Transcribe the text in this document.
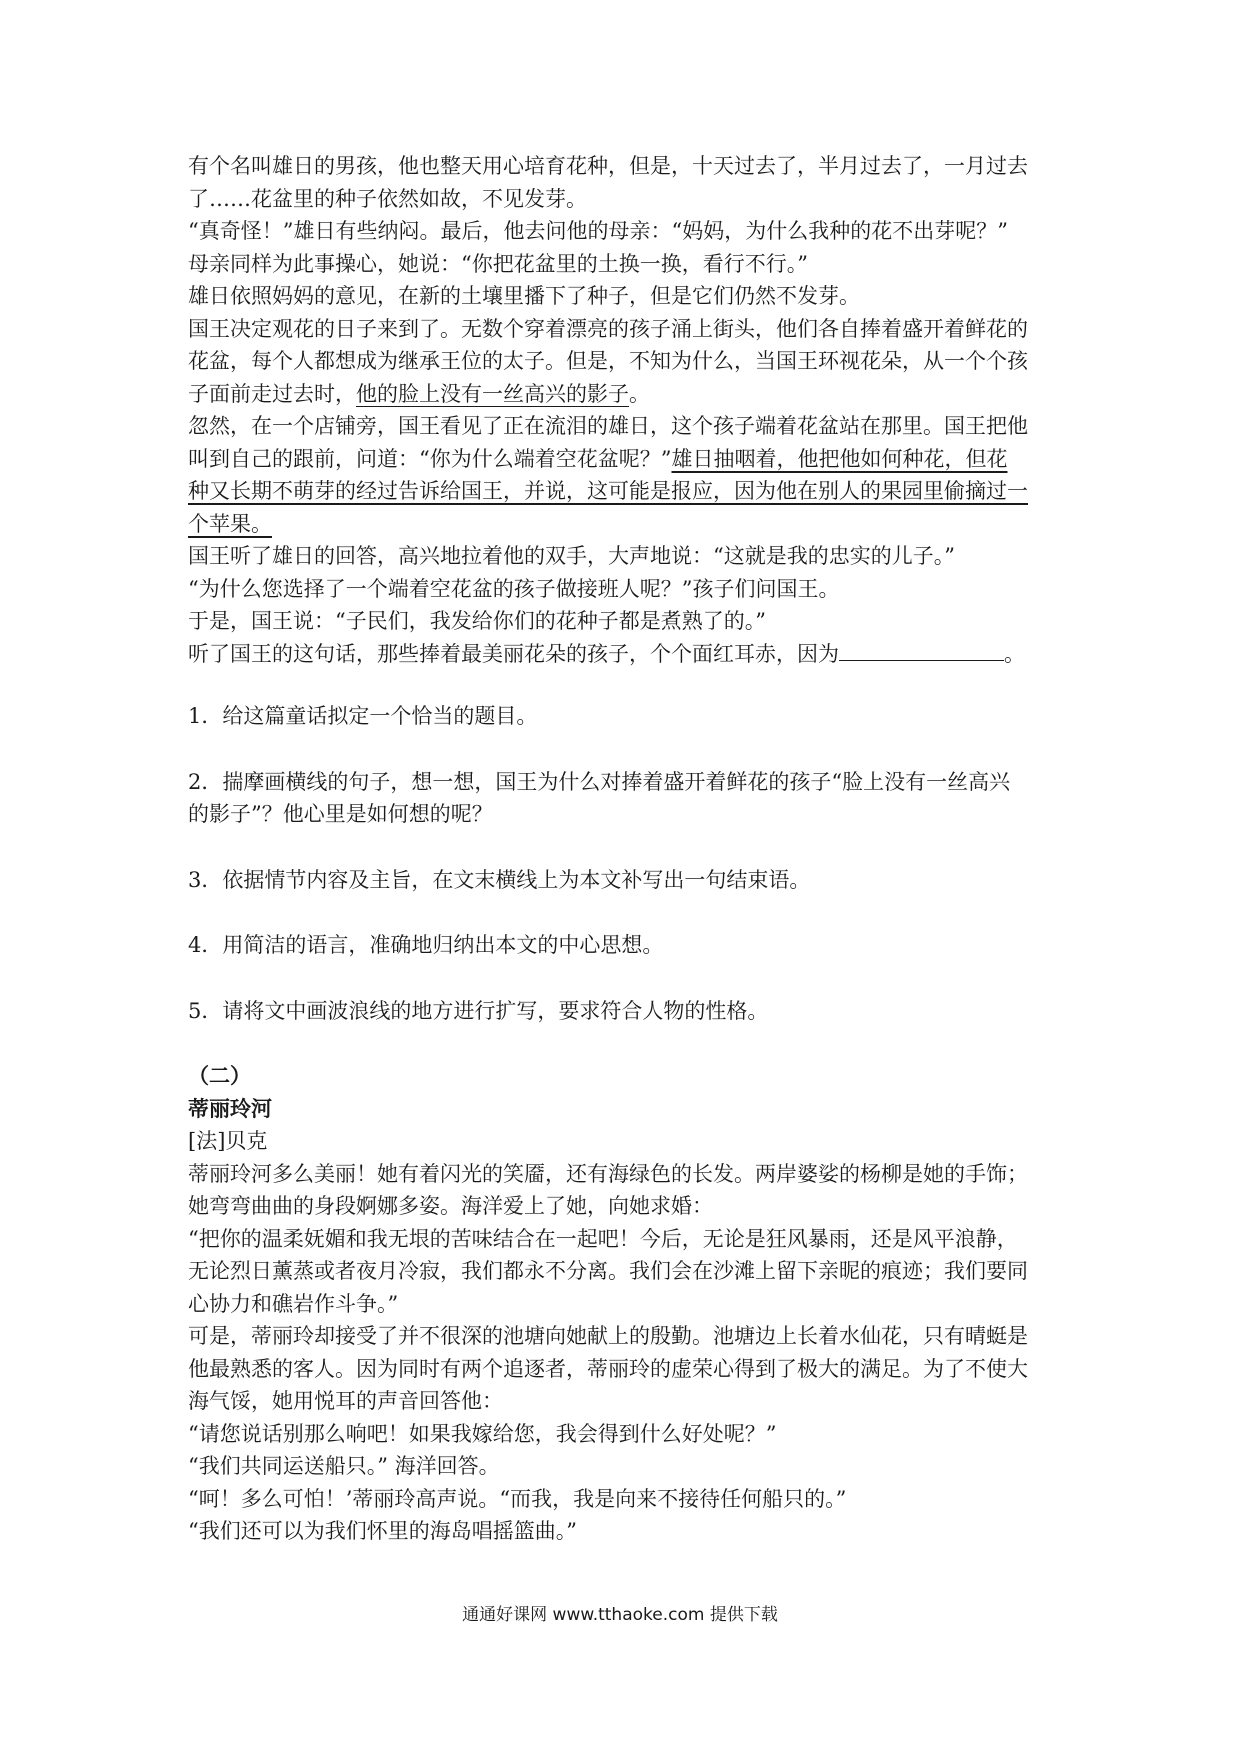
有个名叫雄日的男孩，他也整天用心培育花种，但是，十天过去了，半月过去了，一月过去
了……花盆里的种子依然如故，不见发芽。
“真奇怪！”雄日有些纳闷。最后，他去问他的母亲：“妈妈，为什么我种的花不出芽呢？”
母亲同样为此事操心，她说：“你把花盆里的土换一换，看行不行。”
雄日依照妈妈的意见，在新的土壤里播下了种子，但是它们仍然不发芽。
国王决定观花的日子来到了。无数个穿着漂亮的孩子涌上街头，他们各自捧着盛开着鲜花的
花盆，每个人都想成为继承王位的太子。但是，不知为什么，当国王环视花朵，从一个个孩
子面前走过去时，他的脸上没有一丝高兴的影子。
忽然，在一个店铺旁，国王看见了正在流泪的雄日，这个孩子端着花盆站在那里。国王把他
叫到自己的跟前，问道：“你为什么端着空花盆呢？”雄日抽咽着，他把他如何种花，但花
种又长期不萌芽的经过告诉给国王，并说，这可能是报应，因为他在别人的果园里偷摘过一
个苹果。
国王听了雄日的回答，高兴地拉着他的双手，大声地说：“这就是我的忠实的儿子。”
“为什么您选择了一个端着空花盆的孩子做接班人呢？”孩子们问国王。
于是，国王说：“子民们，我发给你们的花种子都是煮熟了的。”
听了国王的这句话，那些捧着最美丽花朵的孩子，个个面红耳赤，因为	。
1．给这篇童话拟定一个恰当的题目。
2．揣摩画横线的句子，想一想，国王为什么对捧着盛开着鲜花的孩子“脸上没有一丝高兴
的影子”？他心里是如何想的呢？
3．依据情节内容及主旨，在文末横线上为本文补写出一句结束语。
4．用简洁的语言，准确地归纳出本文的中心思想。
5．请将文中画波浪线的地方进行扩写，要求符合人物的性格。
（二）
蒂丽玲河
[法]贝克
蒂丽玲河多么美丽！她有着闪光的笑靥，还有海绿色的长发。两岸婆娑的杨柳是她的手饰；
她弯弯曲曲的身段婀娜多姿。海洋爱上了她，向她求婚：
“把你的温柔妩媚和我无垠的苦味结合在一起吧！今后，无论是狂风暴雨，还是风平浪静，
无论烈日薰蒸或者夜月冷寂，我们都永不分离。我们会在沙滩上留下亲昵的痕迹；我们要同
心协力和礁岩作斗争。”
可是，蒂丽玲却接受了并不很深的池塘向她献上的殷勤。池塘边上长着水仙花，只有晴蜓是
他最熟悉的客人。因为同时有两个追逐者，蒂丽玲的虚荣心得到了极大的满足。为了不使大
海气馁，她用悦耳的声音回答他：
“请您说话别那么响吧！如果我嫁给您，我会得到什么好处呢？”
“我们共同运送船只。” 海洋回答。
“呵！多么可怕！’蒂丽玲高声说。“而我，我是向来不接待任何船只的。”
“我们还可以为我们怀里的海岛唱摇篮曲。”
通通好课网 www.tthaoke.com 提供下载
